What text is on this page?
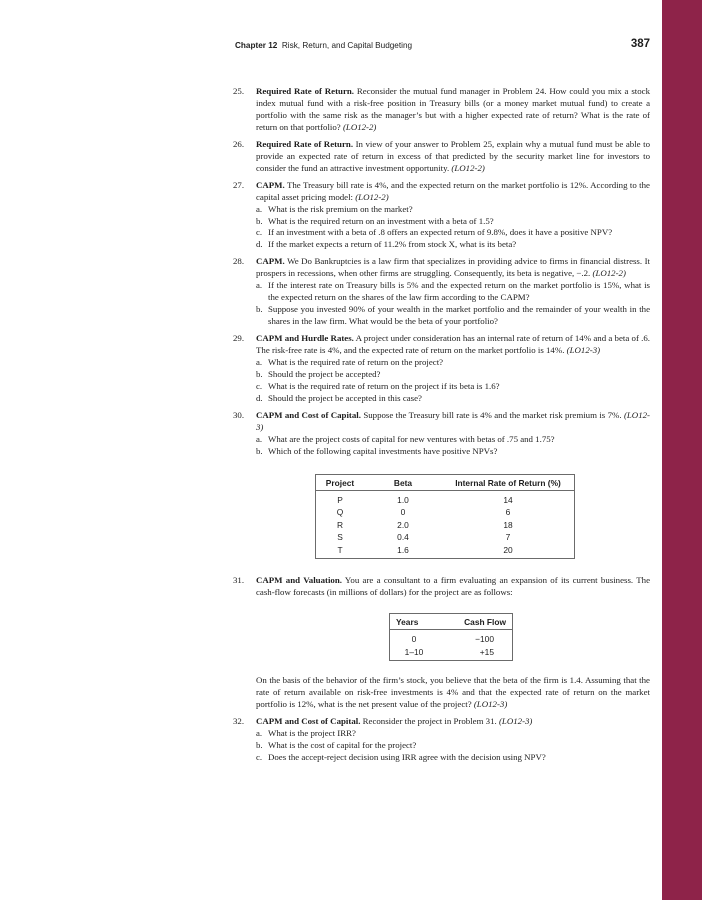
Chapter 12 Risk, Return, and Capital Budgeting	387
25. Required Rate of Return. Reconsider the mutual fund manager in Problem 24. How could you mix a stock index mutual fund with a risk-free position in Treasury bills (or a money market mutual fund) to create a portfolio with the same risk as the manager’s but with a higher expected rate of return? What is the rate of return on that portfolio? (LO12-2)

26. Required Rate of Return. In view of your answer to Problem 25, explain why a mutual fund must be able to provide an expected rate of return in excess of that predicted by the security market line for investors to consider the fund an attractive investment opportunity. (LO12-2)

27. CAPM. The Treasury bill rate is 4%, and the expected return on the market portfolio is 12%. According to the capital asset pricing model: (LO12-2)

a. What is the risk premium on the market?
b. What is the required return on an investment with a beta of 1.5?
c. If an investment with a beta of .8 offers an expected return of 9.8%, does it have a positive NPV?
d. If the market expects a return of 11.2% from stock X, what is its beta?
28. CAPM. We Do Bankruptcies is a law firm that specializes in providing advice to firms in financial distress. It prospers in recessions, when other firms are struggling. Consequently, its beta is negative, −.2. (LO12-2)

a. If the interest rate on Treasury bills is 5% and the expected return on the market portfolio is 15%, what is the expected return on the shares of the law firm according to the CAPM?
b. Suppose you invested 90% of your wealth in the market portfolio and the remainder of your wealth in the shares in the law firm. What would be the beta of your portfolio?
29. CAPM and Hurdle Rates. A project under consideration has an internal rate of return of 14% and a beta of .6. The risk-free rate is 4%, and the expected rate of return on the market portfolio is 14%. (LO12-3)

a. What is the required rate of return on the project?
b. Should the project be accepted?
c. What is the required rate of return on the project if its beta is 1.6?
d. Should the project be accepted in this case?
30. CAPM and Cost of Capital. Suppose the Treasury bill rate is 4% and the market risk premium is 7%. (LO12-3)

a. What are the project costs of capital for new ventures with betas of .75 and 1.75?
b. Which of the following capital investments have positive NPVs?
Project	Beta	Internal Rate of Return (%)
P	1.0	14
Q	0	6
R	2.0	18
S	0.4	7
T	1.6	20
31. CAPM and Valuation. You are a consultant to a firm evaluating an expansion of its current business. The cash-flow forecasts (in millions of dollars) for the project are as follows:

Years	Cash Flow
0	−100
1–10	+15

On the basis of the behavior of the firm’s stock, you believe that the beta of the firm is 1.4. Assuming that the rate of return available on risk-free investments is 4% and that the expected rate of return on the market portfolio is 12%, what is the net present value of the project? (LO12-3)

32. CAPM and Cost of Capital. Reconsider the project in Problem 31. (LO12-3)

a. What is the project IRR?
b. What is the cost of capital for the project?
c. Does the accept-reject decision using IRR agree with the decision using NPV?
